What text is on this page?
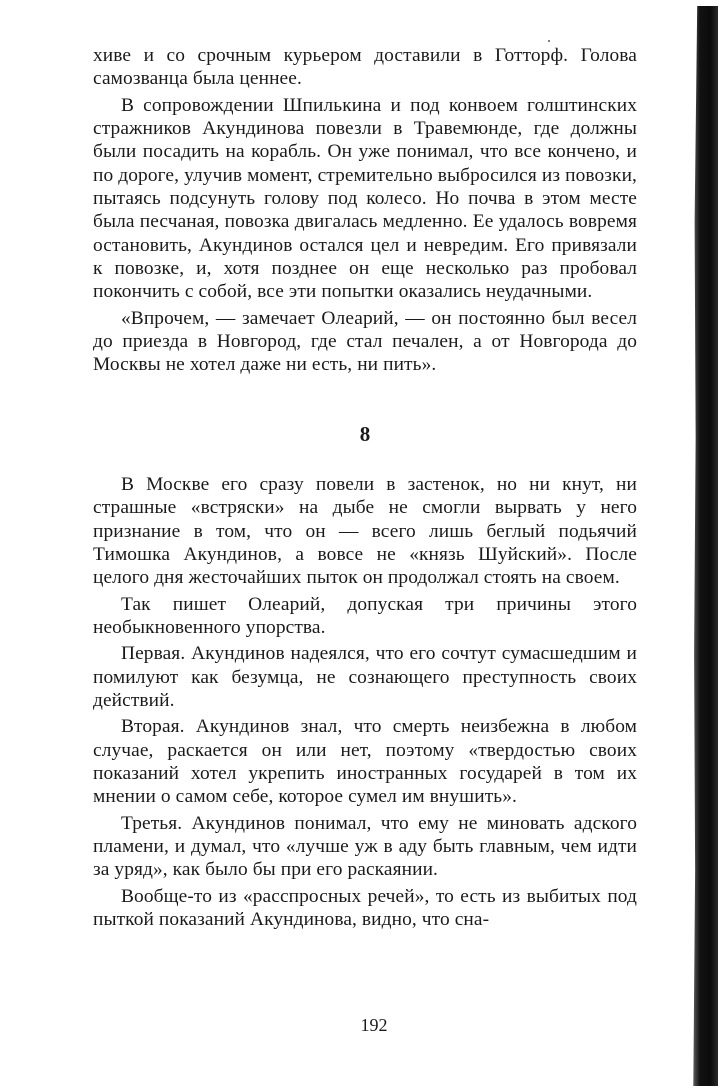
хиве и со срочным курьером доставили в Готторф. Голова самозванца была ценнее.

В сопровождении Шпилькина и под конвоем голштинских стражников Акундинова повезли в Травемюнде, где должны были посадить на корабль. Он уже понимал, что все кончено, и по дороге, улучив момент, стремительно выбросился из повозки, пытаясь подсунуть голову под колесо. Но почва в этом месте была песчаная, повозка двигалась медленно. Ее удалось вовремя остановить, Акундинов остался цел и невредим. Его привязали к повозке, и, хотя позднее он еще несколько раз пробовал покончить с собой, все эти попытки оказались неудачными.

«Впрочем, — замечает Олеарий, — он постоянно был весел до приезда в Новгород, где стал печален, а от Новгорода до Москвы не хотел даже ни есть, ни пить».

8

В Москве его сразу повели в застенок, но ни кнут, ни страшные «встряски» на дыбе не смогли вырвать у него признание в том, что он — всего лишь беглый подьячий Тимошка Акундинов, а вовсе не «князь Шуйский». После целого дня жесточайших пыток он продолжал стоять на своем.

Так пишет Олеарий, допуская три причины этого необыкновенного упорства.

Первая. Акундинов надеялся, что его сочтут сумасшедшим и помилуют как безумца, не сознающего преступность своих действий.

Вторая. Акундинов знал, что смерть неизбежна в любом случае, раскается он или нет, поэтому «твердостью своих показаний хотел укрепить иностранных государей в том их мнении о самом себе, которое сумел им внушить».

Третья. Акундинов понимал, что ему не миновать адского пламени, и думал, что «лучше уж в аду быть главным, чем идти за уряд», как было бы при его раскаянии.

Вообще-то из «расспросных речей», то есть из выбитых под пыткой показаний Акундинова, видно, что сна-

192
